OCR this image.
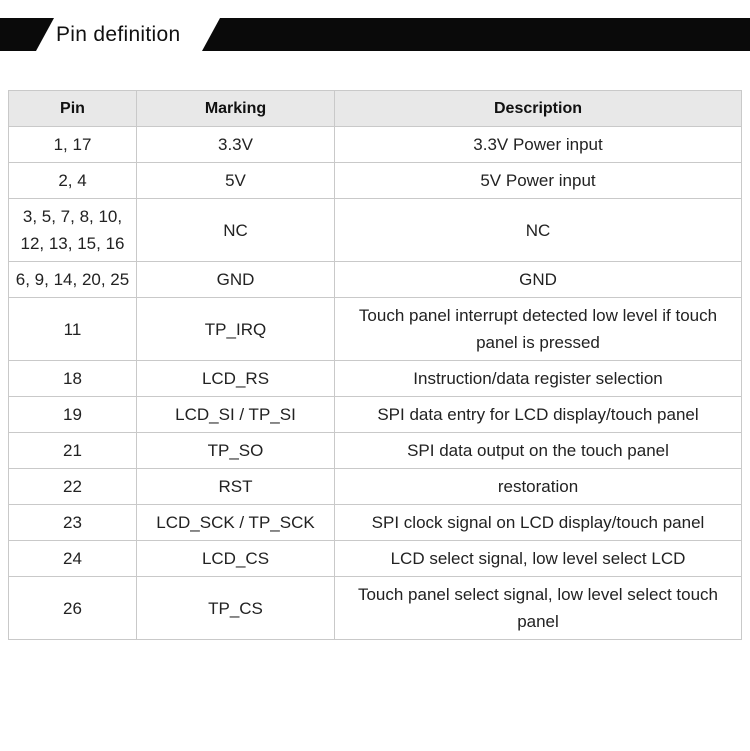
Pin definition
Pin	Marking	Description
1, 17	3.3V	3.3V Power input
2, 4	5V	5V Power input
3, 5, 7, 8, 10, 12, 13, 15, 16	NC	NC
6, 9, 14, 20, 25	GND	GND
11	TP_IRQ	Touch panel interrupt detected low level if touch panel is pressed
18	LCD_RS	Instruction/data register selection
19	LCD_SI / TP_SI	SPI data entry for LCD display/touch panel
21	TP_SO	SPI data output on the touch panel
22	RST	restoration
23	LCD_SCK / TP_SCK	SPI clock signal on LCD display/touch panel
24	LCD_CS	LCD select signal, low level select LCD
26	TP_CS	Touch panel select signal, low level select touch panel
